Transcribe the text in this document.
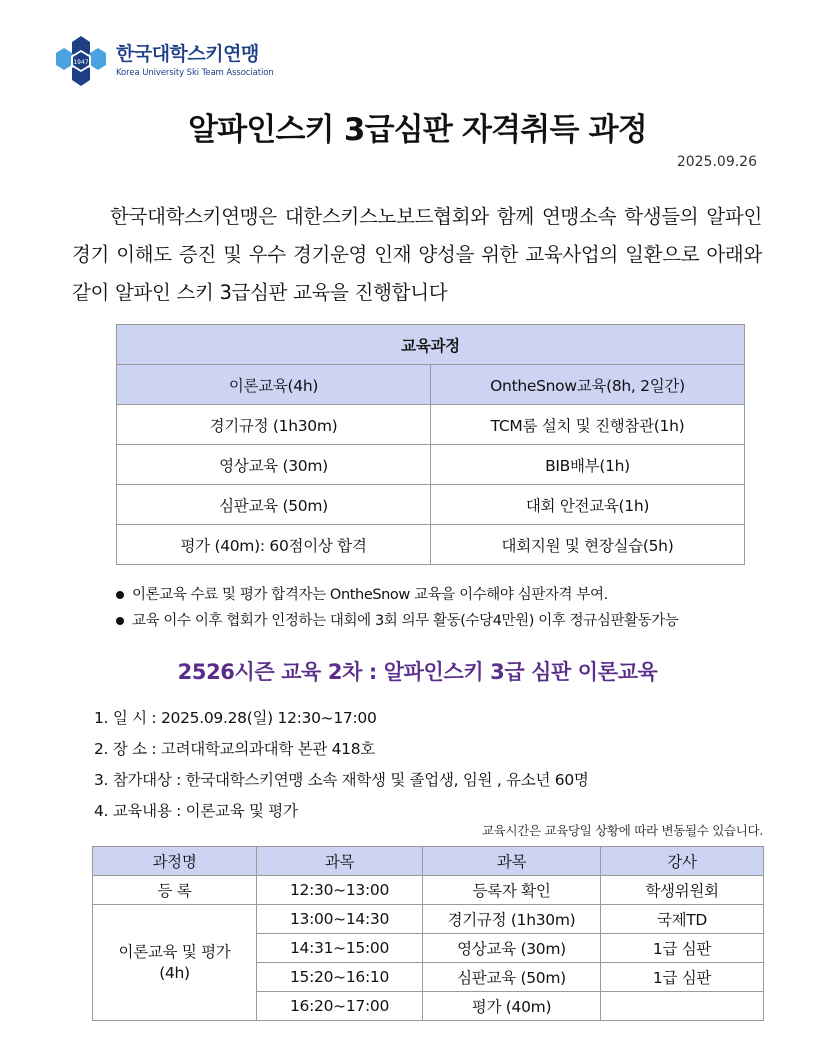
1947 한국대학스키연맹
Korea University Ski Team Association
알파인스키 3급심판 자격취득 과정
2025.09.26

한국대학스키연맹은 대한스키스노보드협회와 함께 연맹소속 학생들의 알파인 경기 이해도 증진 및 우수 경기운영 인재 양성을 위한 교육사업의 일환으로 아래와 같이 알파인 스키 3급심판 교육을 진행합니다

교육과정	
이론교육(4h)	OntheSnow교육(8h, 2일간)
경기규정 (1h30m)	TCM룸 설치 및 진행참관(1h)
영상교육 (30m)	BIB배부(1h)
심판교육 (50m)	대회 안전교육(1h)
평가 (40m): 60점이상 합격	대회지원 및 현장실습(5h)
이론교육 수료 및 평가 합격자는 OntheSnow 교육을 이수해야 심판자격 부여.
교육 이수 이후 협회가 인정하는 대회에 3회 의무 활동(수당4만원) 이후 정규심판활동가능
2526시즌 교육 2차 : 알파인스키 3급 심판 이론교육
1. 일 시 : 2025.09.28(일) 12:30~17:00
2. 장 소 : 고려대학교의과대학 본관 418호
3. 참가대상 : 한국대학스키연맹 소속 재학생 및 졸업생, 임원 , 유소년 60명
4. 교육내용 : 이론교육 및 평가
교육시간은 교육당일 상황에 따라 변동될수 있습니다.
과정명	과목	과목	강사
등 록	12:30~13:00	등록자 확인	학생위원회
이론교육 및 평가
(4h)	13:00~14:30	경기규정 (1h30m)	국제TD
	14:31~15:00	영상교육 (30m)	1급 심판
	15:20~16:10	심판교육 (50m)	1급 심판
	16:20~17:00	평가 (40m)	
